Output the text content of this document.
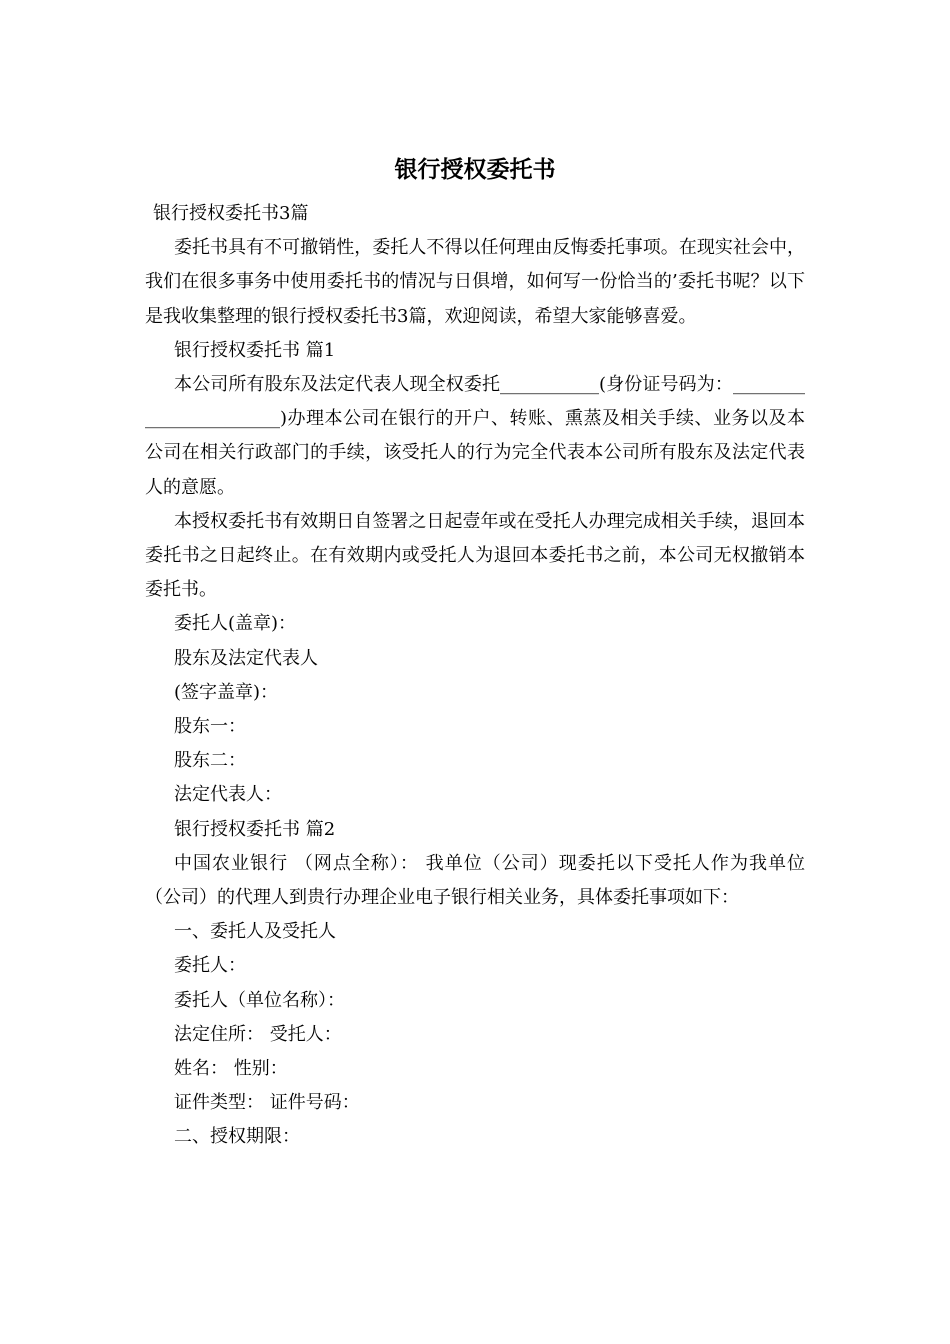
银行授权委托书

银行授权委托书3篇

委托书具有不可撤销性，委托人不得以任何理由反悔委托事项。在现实社会中，我们在很多事务中使用委托书的情况与日俱增，如何写一份恰当的’委托书呢？以下是我收集整理的银行授权委托书3篇，欢迎阅读，希望大家能够喜爱。

银行授权委托书 篇1

本公司所有股东及法定代表人现全权委托___________(身份证号码为：_______________________)办理本公司在银行的开户、转账、熏蒸及相关手续、业务以及本公司在相关行政部门的手续，该受托人的行为完全代表本公司所有股东及法定代表人的意愿。

本授权委托书有效期日自签署之日起壹年或在受托人办理完成相关手续，退回本委托书之日起终止。在有效期内或受托人为退回本委托书之前，本公司无权撤销本委托书。

委托人(盖章)：

股东及法定代表人

(签字盖章)：

股东一：

股东二：

法定代表人：

银行授权委托书 篇2

中国农业银行 （网点全称）： 我单位（公司）现委托以下受托人作为我单位（公司）的代理人到贵行办理企业电子银行相关业务，具体委托事项如下：

一、委托人及受托人

委托人：

委托人（单位名称）：

法定住所： 受托人：

姓名： 性别：

证件类型： 证件号码：

二、授权期限：
